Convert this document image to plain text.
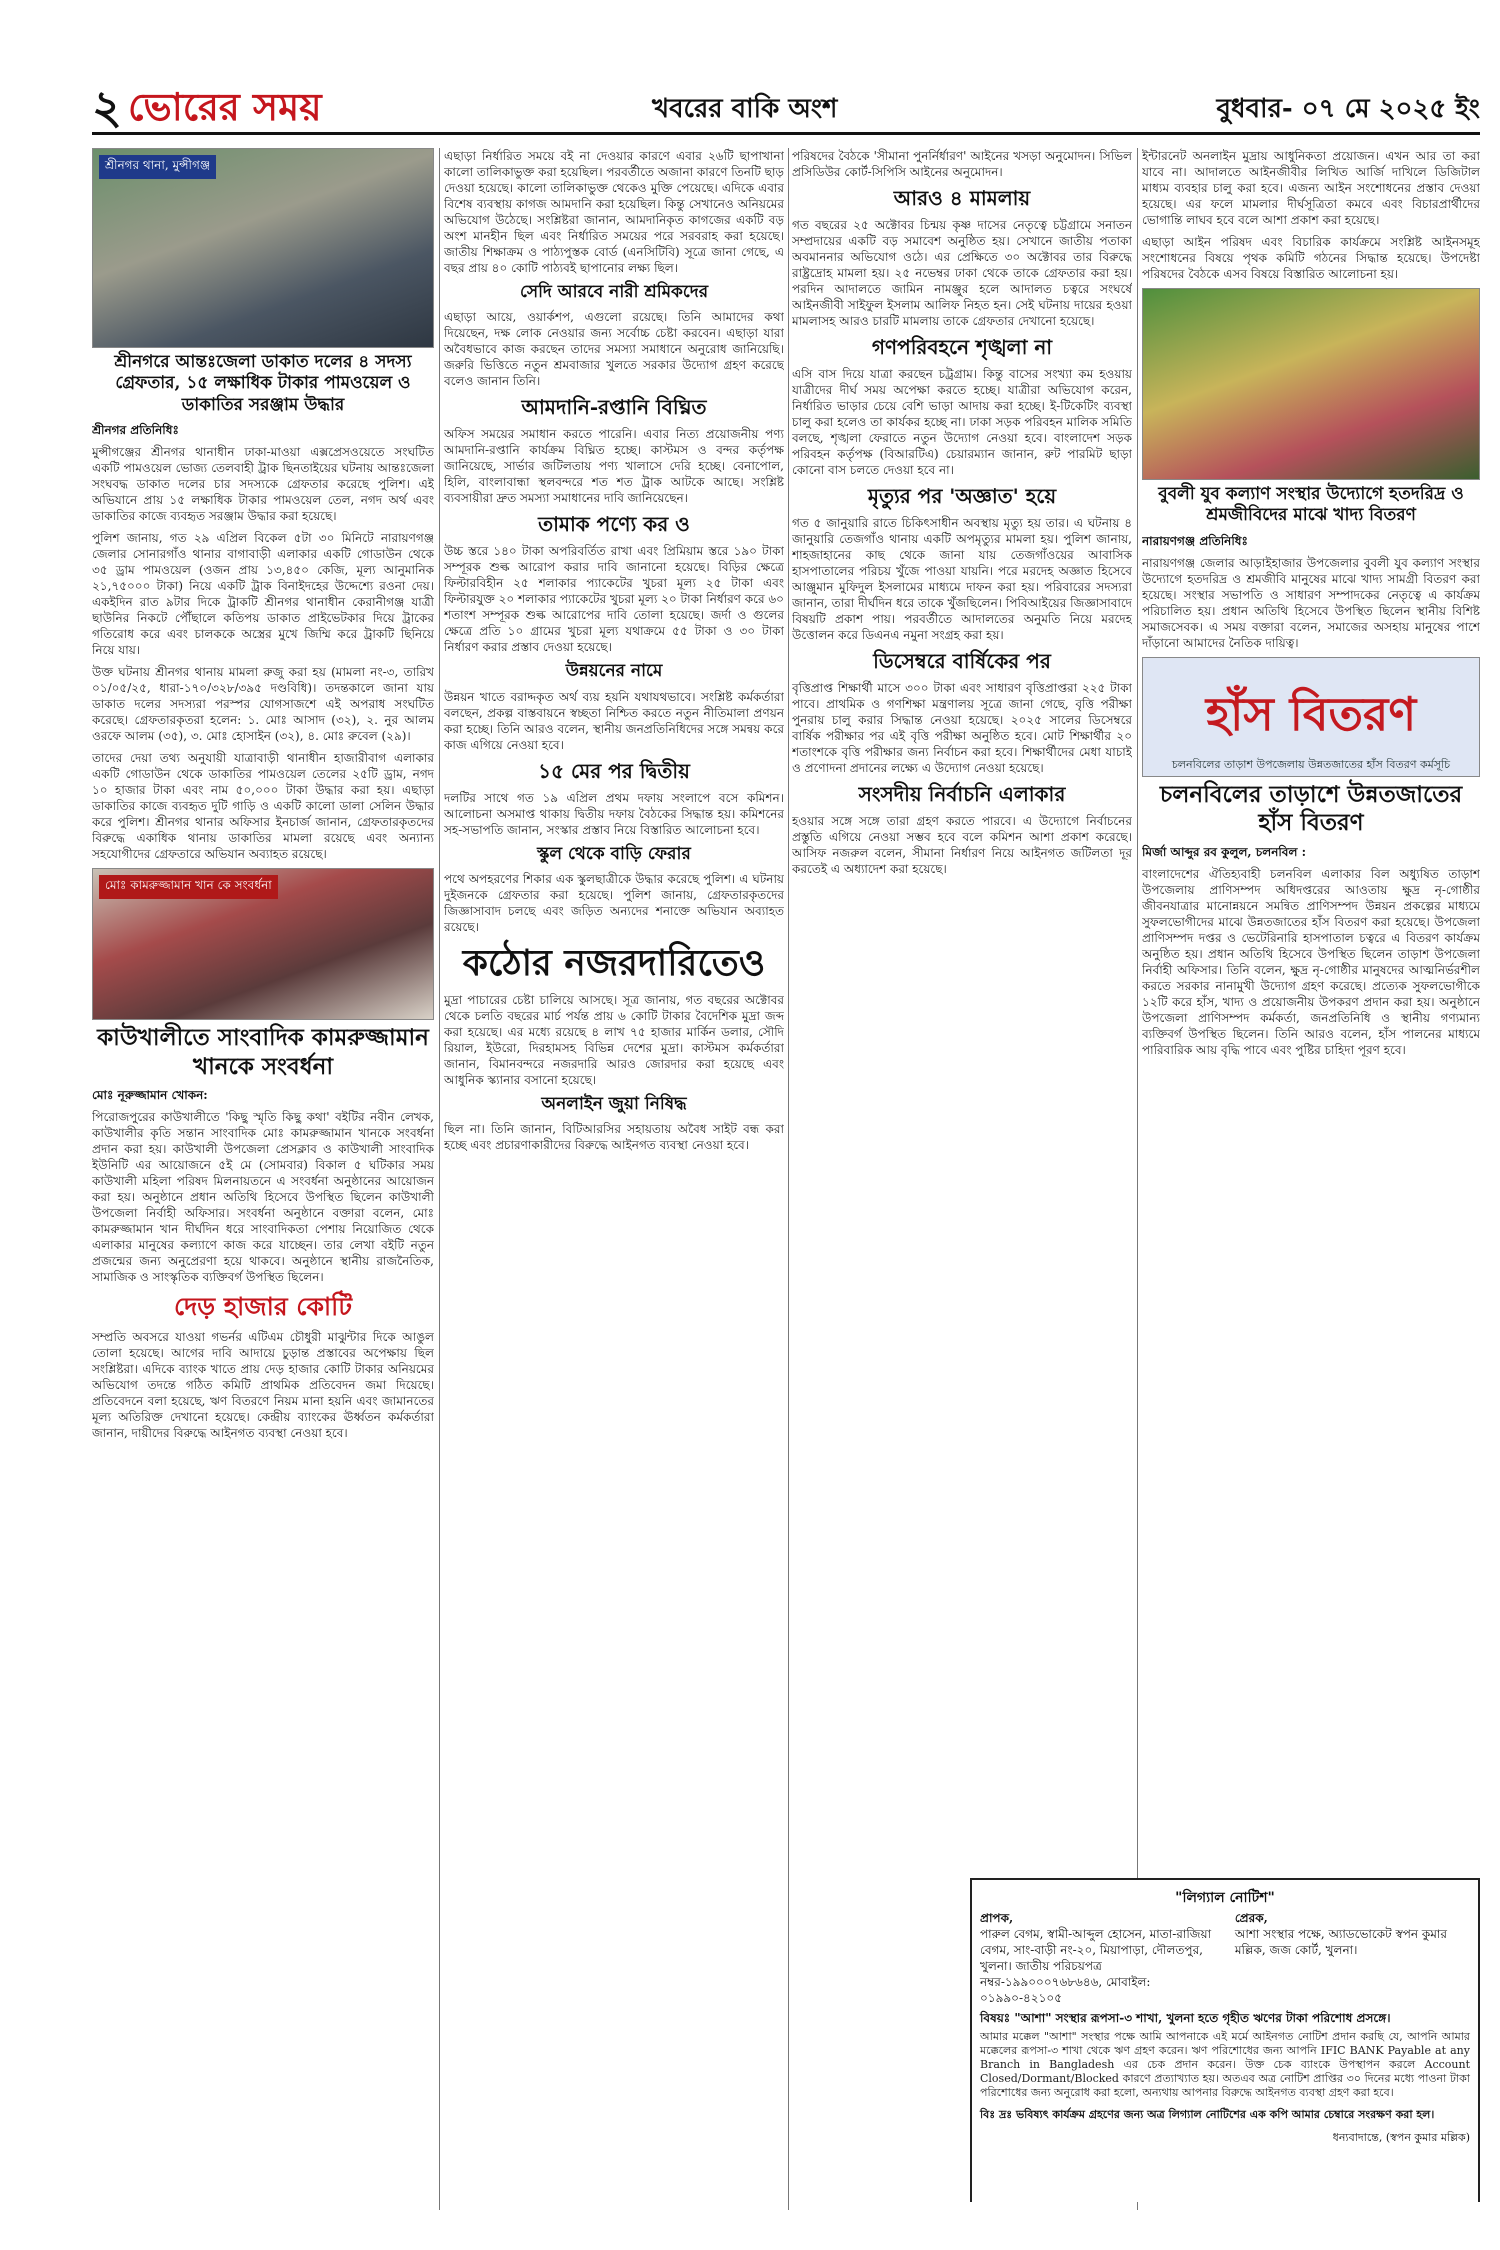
২ ভোরের সময়	খবরের বাকি অংশ	বুধবার- ০৭ মে ২০২৫ ইং
শ্রীনগর থানা, মুন্সীগঞ্জ
শ্রীনগরে আন্তঃজেলা ডাকাত দলের ৪ সদস্য গ্রেফতার, ১৫ লক্ষাধিক টাকার পামওয়েল ও ডাকাতির সরঞ্জাম উদ্ধার
শ্রীনগর প্রতিনিধিঃ

মুন্সীগঞ্জের শ্রীনগর থানাধীন ঢাকা-মাওয়া এক্সপ্রেসওয়েতে সংঘটিত একটি পামওয়েল ভোজ্য তেলবাহী ট্রাক ছিনতাইয়ের ঘটনায় আন্তঃজেলা সংঘবদ্ধ ডাকাত দলের চার সদস্যকে গ্রেফতার করেছে পুলিশ। এই অভিযানে প্রায় ১৫ লক্ষাধিক টাকার পামওয়েল তেল, নগদ অর্থ এবং ডাকাতির কাজে ব্যবহৃত সরঞ্জাম উদ্ধার করা হয়েছে।

পুলিশ জানায়, গত ২৯ এপ্রিল বিকেল ৫টা ৩০ মিনিটে নারায়ণগঞ্জ জেলার সোনারগাঁও থানার বাগাবাড়ী এলাকার একটি গোডাউন থেকে ৩৫ ড্রাম পামওয়েল (ওজন প্রায় ১৩,৪৫০ কেজি, মূল্য আনুমানিক ২১,৭৫০০০ টাকা) নিয়ে একটি ট্রাক বিনাইদহের উদ্দেশ্যে রওনা দেয়। একইদিন রাত ৯টার দিকে ট্রাকটি শ্রীনগর থানাধীন কেরানীগঞ্জ যাত্রী ছাউনির নিকটে পৌঁছালে কতিপয় ডাকাত প্রাইভেটকার দিয়ে ট্রাকের গতিরোধ করে এবং চালককে অস্ত্রের মুখে জিম্মি করে ট্রাকটি ছিনিয়ে নিয়ে যায়।

উক্ত ঘটনায় শ্রীনগর থানায় মামলা রুজু করা হয় (মামলা নং-৩, তারিখ ০১/০৫/২৫, ধারা-১৭০/৩২৮/৩৯৫ দণ্ডবিধি)। তদন্তকালে জানা যায় ডাকাত দলের সদস্যরা পরস্পর যোগসাজশে এই অপরাধ সংঘটিত করেছে। গ্রেফতারকৃতরা হলেন: ১. মোঃ আসাদ (৩২), ২. নুর আলম ওরফে আলম (৩৫), ৩. মোঃ হোসাইন (৩২), ৪. মোঃ রুবেল (২৯)।

তাদের দেয়া তথ্য অনুযায়ী যাত্রাবাড়ী থানাধীন হাজারীবাগ এলাকার একটি গোডাউন থেকে ডাকাতির পামওয়েল তেলের ২৫টি ড্রাম, নগদ ১০ হাজার টাকা এবং নাম ৫০,০০০ টাকা উদ্ধার করা হয়। এছাড়া ডাকাতির কাজে ব্যবহৃত দুটি গাড়ি ও একটি কালো ডালা সেলিন উদ্ধার করে পুলিশ। শ্রীনগর থানার অফিসার ইনচার্জ জানান, গ্রেফতারকৃতদের বিরুদ্ধে একাধিক থানায় ডাকাতির মামলা রয়েছে এবং অন্যান্য সহযোগীদের গ্রেফতারে অভিযান অব্যাহত রয়েছে।

মোঃ কামরুজ্জামান খান কে সংবর্ধনা
কাউখালীতে সাংবাদিক কামরুজ্জামান খানকে সংবর্ধনা
মোঃ নূরুজ্জামান খোকন:

পিরোজপুরের কাউখালীতে 'কিছু স্মৃতি কিছু কথা' বইটির নবীন লেখক, কাউখালীর কৃতি সন্তান সাংবাদিক মোঃ কামরুজ্জামান খানকে সংবর্ধনা প্রদান করা হয়। কাউখালী উপজেলা প্রেসক্লাব ও কাউখালী সাংবাদিক ইউনিটি এর আয়োজনে ৫ই মে (সোমবার) বিকাল ৫ ঘটিকার সময় কাউখালী মহিলা পরিষদ মিলনায়তনে এ সংবর্ধনা অনুষ্ঠানের আয়োজন করা হয়। অনুষ্ঠানে প্রধান অতিথি হিসেবে উপস্থিত ছিলেন কাউখালী উপজেলা নির্বাহী অফিসার। সংবর্ধনা অনুষ্ঠানে বক্তারা বলেন, মোঃ কামরুজ্জামান খান দীর্ঘদিন ধরে সাংবাদিকতা পেশায় নিয়োজিত থেকে এলাকার মানুষের কল্যাণে কাজ করে যাচ্ছেন। তার লেখা বইটি নতুন প্রজন্মের জন্য অনুপ্রেরণা হয়ে থাকবে। অনুষ্ঠানে স্থানীয় রাজনৈতিক, সামাজিক ও সাংস্কৃতিক ব্যক্তিবর্গ উপস্থিত ছিলেন।

দেড় হাজার কোটি

সম্প্রতি অবসরে যাওয়া গভর্নর এটিএম চৌধুরী মাঝুন্টার দিকে আঙুল তোলা হয়েছে। আগের দাবি আদায়ে চুড়ান্ত প্রস্তাবের অপেক্ষায় ছিল সংশ্লিষ্টরা। এদিকে ব্যাংক খাতে প্রায় দেড় হাজার কোটি টাকার অনিয়মের অভিযোগ তদন্তে গঠিত কমিটি প্রাথমিক প্রতিবেদন জমা দিয়েছে। প্রতিবেদনে বলা হয়েছে, ঋণ বিতরণে নিয়ম মানা হয়নি এবং জামানতের মূল্য অতিরিক্ত দেখানো হয়েছে। কেন্দ্রীয় ব্যাংকের ঊর্ধ্বতন কর্মকর্তারা জানান, দায়ীদের বিরুদ্ধে আইনগত ব্যবস্থা নেওয়া হবে।

এছাড়া নির্ধারিত সময়ে বই না দেওয়ার কারণে এবার ২৬টি ছাপাখানা কালো তালিকাভুক্ত করা হয়েছিল। পরবর্তীতে অজানা কারণে তিনটি ছাড় দেওয়া হয়েছে। কালো তালিকাভুক্ত থেকেও মুক্তি পেয়েছে। এদিকে এবার বিশেষ ব্যবস্থায় কাগজ আমদানি করা হয়েছিল। কিন্তু সেখানেও অনিয়মের অভিযোগ উঠেছে। সংশ্লিষ্টরা জানান, আমদানিকৃত কাগজের একটি বড় অংশ মানহীন ছিল এবং নির্ধারিত সময়ের পরে সরবরাহ করা হয়েছে। জাতীয় শিক্ষাক্রম ও পাঠ্যপুস্তক বোর্ড (এনসিটিবি) সূত্রে জানা গেছে, এ বছর প্রায় ৪০ কোটি পাঠ্যবই ছাপানোর লক্ষ্য ছিল।

সেদি আরবে নারী শ্রমিকদের

এছাড়া আয়ে, ওয়ার্কশপ, এগুলো রয়েছে। তিনি আমাদের কথা দিয়েছেন, দক্ষ লোক নেওয়ার জন্য সর্বোচ্চ চেষ্টা করবেন। এছাড়া যারা অবৈধভাবে কাজ করছেন তাদের সমস্যা সমাধানে অনুরোধ জানিয়েছি। জরুরি ভিত্তিতে নতুন শ্রমবাজার খুলতে সরকার উদ্যোগ গ্রহণ করেছে বলেও জানান তিনি।

আমদানি-রপ্তানি বিঘ্নিত

অফিস সময়ের সমাধান করতে পারেনি। এবার নিত্য প্রয়োজনীয় পণ্য আমদানি-রপ্তানি কার্যক্রম বিঘ্নিত হচ্ছে। কাস্টমস ও বন্দর কর্তৃপক্ষ জানিয়েছে, সার্ভার জটিলতায় পণ্য খালাসে দেরি হচ্ছে। বেনাপোল, হিলি, বাংলাবান্ধা স্থলবন্দরে শত শত ট্রাক আটকে আছে। সংশ্লিষ্ট ব্যবসায়ীরা দ্রুত সমস্যা সমাধানের দাবি জানিয়েছেন।

তামাক পণ্যে কর ও

উচ্চ স্তরে ১৪০ টাকা অপরিবর্তিত রাখা এবং প্রিমিয়াম স্তরে ১৯০ টাকা সম্পূরক শুল্ক আরোপ করার দাবি জানানো হয়েছে। বিড়ির ক্ষেত্রে ফিল্টারবিহীন ২৫ শলাকার প্যাকেটের খুচরা মূল্য ২৫ টাকা এবং ফিল্টারযুক্ত ২০ শলাকার প্যাকেটের খুচরা মূল্য ২০ টাকা নির্ধারণ করে ৬০ শতাংশ সম্পূরক শুল্ক আরোপের দাবি তোলা হয়েছে। জর্দা ও গুলের ক্ষেত্রে প্রতি ১০ গ্রামের খুচরা মূল্য যথাক্রমে ৫৫ টাকা ও ৩০ টাকা নির্ধারণ করার প্রস্তাব দেওয়া হয়েছে।

উন্নয়নের নামে

উন্নয়ন খাতে বরাদ্দকৃত অর্থ ব্যয় হয়নি যথাযথভাবে। সংশ্লিষ্ট কর্মকর্তারা বলছেন, প্রকল্প বাস্তবায়নে স্বচ্ছতা নিশ্চিত করতে নতুন নীতিমালা প্রণয়ন করা হচ্ছে। তিনি আরও বলেন, স্থানীয় জনপ্রতিনিধিদের সঙ্গে সমন্বয় করে কাজ এগিয়ে নেওয়া হবে।

১৫ মের পর দ্বিতীয়

দলটির সাথে গত ১৯ এপ্রিল প্রথম দফায় সংলাপে বসে কমিশন। আলোচনা অসমাপ্ত থাকায় দ্বিতীয় দফায় বৈঠকের সিদ্ধান্ত হয়। কমিশনের সহ-সভাপতি জানান, সংস্কার প্রস্তাব নিয়ে বিস্তারিত আলোচনা হবে।

স্কুল থেকে বাড়ি ফেরার

পথে অপহরণের শিকার এক স্কুলছাত্রীকে উদ্ধার করেছে পুলিশ। এ ঘটনায় দুইজনকে গ্রেফতার করা হয়েছে। পুলিশ জানায়, গ্রেফতারকৃতদের জিজ্ঞাসাবাদ চলছে এবং জড়িত অন্যদের শনাক্তে অভিযান অব্যাহত রয়েছে।

কঠোর নজরদারিতেও

মুদ্রা পাচারের চেষ্টা চালিয়ে আসছে। সূত্র জানায়, গত বছরের অক্টোবর থেকে চলতি বছরের মার্চ পর্যন্ত প্রায় ৬ কোটি টাকার বৈদেশিক মুদ্রা জব্দ করা হয়েছে। এর মধ্যে রয়েছে ৪ লাখ ৭৫ হাজার মার্কিন ডলার, সৌদি রিয়াল, ইউরো, দিরহামসহ বিভিন্ন দেশের মুদ্রা। কাস্টমস কর্মকর্তারা জানান, বিমানবন্দরে নজরদারি আরও জোরদার করা হয়েছে এবং আধুনিক স্ক্যানার বসানো হয়েছে।

অনলাইন জুয়া নিষিদ্ধ

ছিল না। তিনি জানান, বিটিআরসির সহায়তায় অবৈধ সাইট বন্ধ করা হচ্ছে এবং প্রচারণাকারীদের বিরুদ্ধে আইনগত ব্যবস্থা নেওয়া হবে।

পরিষদের বৈঠকে 'সীমানা পুনর্নির্ধারণ' আইনের খসড়া অনুমোদন। সিভিল প্রসিডিউর কোর্ট-সিপিসি আইনের অনুমোদন।

আরও ৪ মামলায়

গত বছরের ২৫ অক্টোবর চিন্ময় কৃষ্ণ দাসের নেতৃত্বে চট্টগ্রামে সনাতন সম্প্রদায়ের একটি বড় সমাবেশ অনুষ্ঠিত হয়। সেখানে জাতীয় পতাকা অবমাননার অভিযোগ ওঠে। এর প্রেক্ষিতে ৩০ অক্টোবর তার বিরুদ্ধে রাষ্ট্রদ্রোহ মামলা হয়। ২৫ নভেম্বর ঢাকা থেকে তাকে গ্রেফতার করা হয়। পরদিন আদালতে জামিন নামঞ্জুর হলে আদালত চত্বরে সংঘর্ষে আইনজীবী সাইফুল ইসলাম আলিফ নিহত হন। সেই ঘটনায় দায়ের হওয়া মামলাসহ আরও চারটি মামলায় তাকে গ্রেফতার দেখানো হয়েছে।

গণপরিবহনে শৃঙ্খলা না

এসি বাস দিয়ে যাত্রা করছেন চট্রগ্রাম। কিন্তু বাসের সংখ্যা কম হওয়ায় যাত্রীদের দীর্ঘ সময় অপেক্ষা করতে হচ্ছে। যাত্রীরা অভিযোগ করেন, নির্ধারিত ভাড়ার চেয়ে বেশি ভাড়া আদায় করা হচ্ছে। ই-টিকেটিং ব্যবস্থা চালু করা হলেও তা কার্যকর হচ্ছে না। ঢাকা সড়ক পরিবহন মালিক সমিতি বলছে, শৃঙ্খলা ফেরাতে নতুন উদ্যোগ নেওয়া হবে। বাংলাদেশ সড়ক পরিবহন কর্তৃপক্ষ (বিআরটিএ) চেয়ারম্যান জানান, রুট পারমিট ছাড়া কোনো বাস চলতে দেওয়া হবে না।

মৃত্যুর পর 'অজ্ঞাত' হয়ে

গত ৫ জানুয়ারি রাতে চিকিৎসাধীন অবস্থায় মৃত্যু হয় তার। এ ঘটনায় ৪ জানুয়ারি তেজগাঁও থানায় একটি অপমৃত্যুর মামলা হয়। পুলিশ জানায়, শাহজাহানের কাছ থেকে জানা যায় তেজগাঁওয়ের আবাসিক হাসপাতালের পরিচয় খুঁজে পাওয়া যায়নি। পরে মরদেহ অজ্ঞাত হিসেবে আঞ্জুমান মুফিদুল ইসলামের মাধ্যমে দাফন করা হয়। পরিবারের সদস্যরা জানান, তারা দীর্ঘদিন ধরে তাকে খুঁজছিলেন। পিবিআইয়ের জিজ্ঞাসাবাদে বিষয়টি প্রকাশ পায়। পরবর্তীতে আদালতের অনুমতি নিয়ে মরদেহ উত্তোলন করে ডিএনএ নমুনা সংগ্রহ করা হয়।

ডিসেম্বরে বার্ষিকের পর

বৃত্তিপ্রাপ্ত শিক্ষার্থী মাসে ৩০০ টাকা এবং সাধারণ বৃত্তিপ্রাপ্তরা ২২৫ টাকা পাবে। প্রাথমিক ও গণশিক্ষা মন্ত্রণালয় সূত্রে জানা গেছে, বৃত্তি পরীক্ষা পুনরায় চালু করার সিদ্ধান্ত নেওয়া হয়েছে। ২০২৫ সালের ডিসেম্বরে বার্ষিক পরীক্ষার পর এই বৃত্তি পরীক্ষা অনুষ্ঠিত হবে। মোট শিক্ষার্থীর ২০ শতাংশকে বৃত্তি পরীক্ষার জন্য নির্বাচন করা হবে। শিক্ষার্থীদের মেধা যাচাই ও প্রণোদনা প্রদানের লক্ষ্যে এ উদ্যোগ নেওয়া হয়েছে।

সংসদীয় নির্বাচনি এলাকার

হওয়ার সঙ্গে সঙ্গে তারা গ্রহণ করতে পারবে। এ উদ্যোগে নির্বাচনের প্রস্তুতি এগিয়ে নেওয়া সম্ভব হবে বলে কমিশন আশা প্রকাশ করেছে। আসিফ নজরুল বলেন, সীমানা নির্ধারণ নিয়ে আইনগত জটিলতা দূর করতেই এ অধ্যাদেশ করা হয়েছে।

ইন্টারনেট অনলাইন মুদ্রায় আধুনিকতা প্রয়োজন। এখন আর তা করা যাবে না। আদালতে আইনজীবীর লিখিত আর্জি দাখিলে ডিজিটাল মাধ্যম ব্যবহার চালু করা হবে। এজন্য আইন সংশোধনের প্রস্তাব দেওয়া হয়েছে। এর ফলে মামলার দীর্ঘসূত্রিতা কমবে এবং বিচারপ্রার্থীদের ভোগান্তি লাঘব হবে বলে আশা প্রকাশ করা হয়েছে।

এছাড়া আইন পরিষদ এবং বিচারিক কার্যক্রমে সংশ্লিষ্ট আইনসমূহ সংশোধনের বিষয়ে পৃথক কমিটি গঠনের সিদ্ধান্ত হয়েছে। উপদেষ্টা পরিষদের বৈঠকে এসব বিষয়ে বিস্তারিত আলোচনা হয়।

বুবলী যুব কল্যাণ সংস্থার উদ্যোগে হতদরিদ্র ও শ্রমজীবিদের মাঝে খাদ্য বিতরণ
নারায়ণগঞ্জ প্রতিনিধিঃ

নারায়ণগঞ্জ জেলার আড়াইহাজার উপজেলার বুবলী যুব কল্যাণ সংস্থার উদ্যোগে হতদরিদ্র ও শ্রমজীবি মানুষের মাঝে খাদ্য সামগ্রী বিতরণ করা হয়েছে। সংস্থার সভাপতি ও সাধারণ সম্পাদকের নেতৃত্বে এ কার্যক্রম পরিচালিত হয়। প্রধান অতিথি হিসেবে উপস্থিত ছিলেন স্থানীয় বিশিষ্ট সমাজসেবক। এ সময় বক্তারা বলেন, সমাজের অসহায় মানুষের পাশে দাঁড়ানো আমাদের নৈতিক দায়িত্ব।

হাঁস বিতরণ
চলনবিলের তাড়াশ উপজেলায় উন্নতজাতের হাঁস বিতরণ কর্মসূচি
চলনবিলের তাড়াশে উন্নতজাতের হাঁস বিতরণ
মির্জা আব্দুর রব কুলুল, চলনবিল :

বাংলাদেশের ঐতিহ্যবাহী চলনবিল এলাকার বিল অধ্যুষিত তাড়াশ উপজেলায় প্রাণিসম্পদ অধিদপ্তরের আওতায় ক্ষুদ্র নৃ-গোষ্ঠীর জীবনযাত্রার মানোন্নয়নে সমন্বিত প্রাণিসম্পদ উন্নয়ন প্রকল্পের মাধ্যমে সুফলভোগীদের মাঝে উন্নতজাতের হাঁস বিতরণ করা হয়েছে। উপজেলা প্রাণিসম্পদ দপ্তর ও ভেটেরিনারি হাসপাতাল চত্বরে এ বিতরণ কার্যক্রম অনুষ্ঠিত হয়। প্রধান অতিথি হিসেবে উপস্থিত ছিলেন তাড়াশ উপজেলা নির্বাহী অফিসার। তিনি বলেন, ক্ষুদ্র নৃ-গোষ্ঠীর মানুষদের আত্মনির্ভরশীল করতে সরকার নানামুখী উদ্যোগ গ্রহণ করেছে। প্রত্যেক সুফলভোগীকে ১২টি করে হাঁস, খাদ্য ও প্রয়োজনীয় উপকরণ প্রদান করা হয়। অনুষ্ঠানে উপজেলা প্রাণিসম্পদ কর্মকর্তা, জনপ্রতিনিধি ও স্থানীয় গণ্যমান্য ব্যক্তিবর্গ উপস্থিত ছিলেন। তিনি আরও বলেন, হাঁস পালনের মাধ্যমে পারিবারিক আয় বৃদ্ধি পাবে এবং পুষ্টির চাহিদা পূরণ হবে।

"লিগ্যাল নোটিশ"
প্রাপক,
পারুল বেগম, স্বামী-আব্দুল হোসেন, মাতা-রাজিয়া বেগম, সাং-বাড়ী নং-২০, মিয়াপাড়া, দৌলতপুর, খুলনা। জাতীয় পরিচয়পত্র নম্বর-১৯৯০০০৭৬৮৬৪৬, মোবাইল: ০১৯৯০-৪২১০৫
প্রেরক,
আশা সংস্থার পক্ষে, অ্যাডভোকেট স্বপন কুমার মল্লিক, জজ কোর্ট, খুলনা।
বিষয়ঃ "আশা" সংস্থার রূপসা-৩ শাখা, খুলনা হতে গৃহীত ঋণের টাকা পরিশোধ প্রসঙ্গে।

আমার মক্কেল "আশা" সংস্থার পক্ষে আমি আপনাকে এই মর্মে আইনগত নোটিশ প্রদান করছি যে, আপনি আমার মক্কেলের রূপসা-৩ শাখা থেকে ঋণ গ্রহণ করেন। ঋণ পরিশোধের জন্য আপনি IFIC BANK Payable at any Branch in Bangladesh এর চেক প্রদান করেন। উক্ত চেক ব্যাংকে উপস্থাপন করলে Account Closed/Dormant/Blocked কারণে প্রত্যাখ্যাত হয়। অতএব অত্র নোটিশ প্রাপ্তির ৩০ দিনের মধ্যে পাওনা টাকা পরিশোধের জন্য অনুরোধ করা হলো, অন্যথায় আপনার বিরুদ্ধে আইনগত ব্যবস্থা গ্রহণ করা হবে।

বিঃ দ্রঃ ভবিষ্যৎ কার্যক্রম গ্রহণের জন্য অত্র লিগ্যাল নোটিশের এক কপি আমার চেম্বারে সংরক্ষণ করা হল।
ধন্যবাদান্তে, (স্বপন কুমার মল্লিক)
